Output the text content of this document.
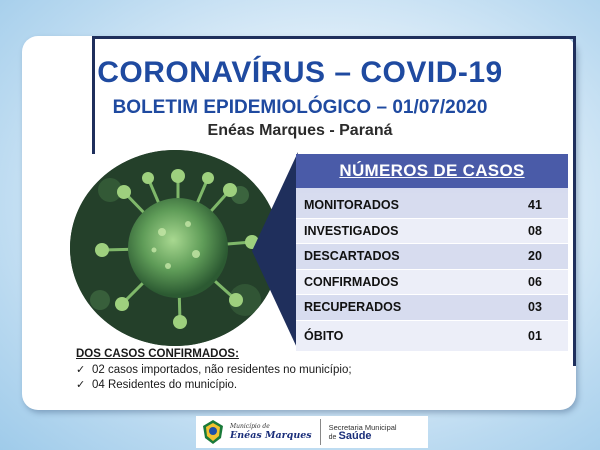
CORONAVÍRUS – COVID-19
BOLETIM EPIDEMIOLÓGICO – 01/07/2020
Enéas Marques - Paraná
NÚMEROS DE CASOS
MONITORADOS	41
INVESTIGADOS	08
DESCARTADOS	20
CONFIRMADOS	06
RECUPERADOS	03
ÓBITO	01
DOS CASOS CONFIRMADOS:
✓ 02 casos importados, não residentes no município;
✓ 04 Residentes do município.
Município de
Enéas Marques
Secretaria Municipal
de Saúde
